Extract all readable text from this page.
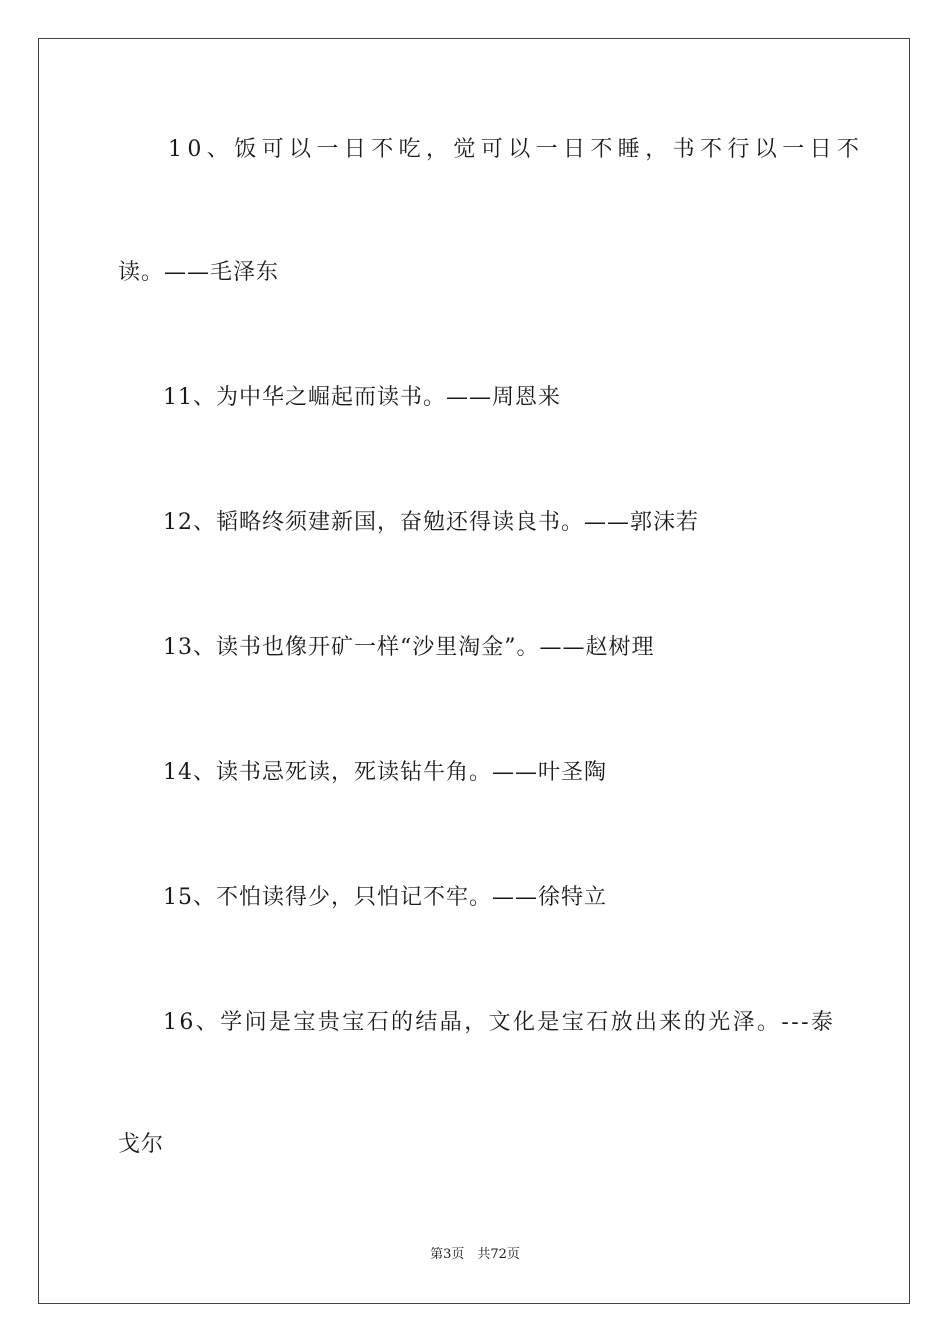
10、饭可以一日不吃，觉可以一日不睡，书不行以一日不
读。——毛泽东
11、为中华之崛起而读书。——周恩来
12、韬略终须建新国，奋勉还得读良书。——郭沫若
13、读书也像开矿一样“沙里淘金”。——赵树理
14、读书忌死读，死读钻牛角。——叶圣陶
15、不怕读得少，只怕记不牢。——徐特立
16、学问是宝贵宝石的结晶，文化是宝石放出来的光泽。---泰
戈尔
第3页　共72页
